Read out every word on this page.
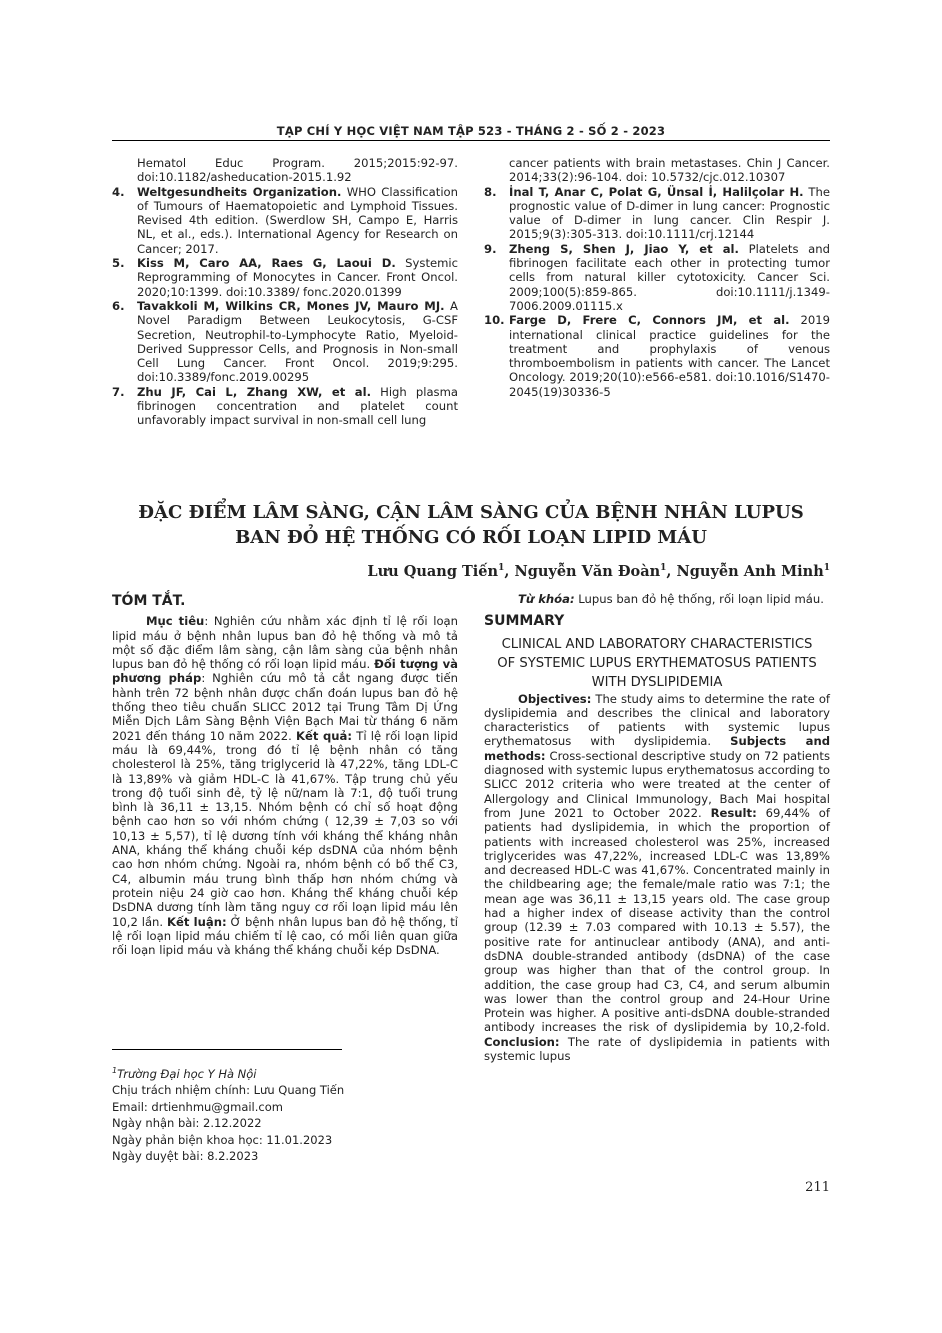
TẠP CHÍ Y HỌC VIỆT NAM TẬP 523 - THÁNG 2 - SỐ 2 - 2023
Hematol Educ Program. 2015;2015:92-97. doi:10.1182/asheducation-2015.1.92
4.	Weltgesundheits Organization. WHO Classification of Tumours of Haematopoietic and Lymphoid Tissues. Revised 4th edition. (Swerdlow SH, Campo E, Harris NL, et al., eds.). International Agency for Research on Cancer; 2017.
5.	Kiss M, Caro AA, Raes G, Laoui D. Systemic Reprogramming of Monocytes in Cancer. Front Oncol. 2020;10:1399. doi:10.3389/ fonc.2020.01399
6.	Tavakkoli M, Wilkins CR, Mones JV, Mauro MJ. A Novel Paradigm Between Leukocytosis, G-CSF Secretion, Neutrophil-to-Lymphocyte Ratio, Myeloid-Derived Suppressor Cells, and Prognosis in Non-small Cell Lung Cancer. Front Oncol. 2019;9:295. doi:10.3389/fonc.2019.00295
7.	Zhu JF, Cai L, Zhang XW, et al. High plasma fibrinogen concentration and platelet count unfavorably impact survival in non-small cell lung
cancer patients with brain metastases. Chin J Cancer. 2014;33(2):96-104. doi: 10.5732/cjc.012.10307
8.	İnal T, Anar C, Polat G, Ünsal İ, Halilçolar H. The prognostic value of D-dimer in lung cancer: Prognostic value of D-dimer in lung cancer. Clin Respir J. 2015;9(3):305-313. doi:10.1111/crj.12144
9.	Zheng S, Shen J, Jiao Y, et al. Platelets and fibrinogen facilitate each other in protecting tumor cells from natural killer cytotoxicity. Cancer Sci. 2009;100(5):859-865. doi:10.1111/j.1349-7006.2009.01115.x
10. Farge D, Frere C, Connors JM, et al. 2019 international clinical practice guidelines for the treatment and prophylaxis of venous thromboembolism in patients with cancer. The Lancet Oncology. 2019;20(10):e566-e581. doi:10.1016/S1470-2045(19)30336-5
ĐẶC ĐIỂM LÂM SÀNG, CẬN LÂM SÀNG CỦA BỆNH NHÂN LUPUS
BAN ĐỎ HỆ THỐNG CÓ RỐI LOẠN LIPID MÁU
Lưu Quang Tiến$^1$, Nguyễn Văn Đoàn$^1$, Nguyễn Anh Minh$^1$
TÓM TẮT.

Mục tiêu: Nghiên cứu nhằm xác định tỉ lệ rối loạn lipid máu ở bệnh nhân lupus ban đỏ hệ thống và mô tả một số đặc điểm lâm sàng, cận lâm sàng của bệnh nhân lupus ban đỏ hệ thống có rối loạn lipid máu. Đối tượng và phương pháp: Nghiên cứu mô tả cắt ngang được tiến hành trên 72 bệnh nhân được chẩn đoán lupus ban đỏ hệ thống theo tiêu chuẩn SLICC 2012 tại Trung Tâm Dị Ứng Miễn Dịch Lâm Sàng Bệnh Viện Bạch Mai từ tháng 6 năm 2021 đến tháng 10 năm 2022. Kết quả: Tỉ lệ rối loạn lipid máu là 69,44%, trong đó tỉ lệ bệnh nhân có tăng cholesterol là 25%, tăng triglycerid là 47,22%, tăng LDL-C là 13,89% và giảm HDL-C là 41,67%. Tập trung chủ yếu trong độ tuổi sinh đẻ, tỷ lệ nữ/nam là 7:1, độ tuổi trung bình là 36,11 ± 13,15. Nhóm bệnh có chỉ số hoạt động bệnh cao hơn so với nhóm chứng ( 12,39 ± 7,03 so với 10,13 ± 5,57), tỉ lệ dương tính với kháng thể kháng nhân ANA, kháng thể kháng chuỗi kép dsDNA của nhóm bệnh cao hơn nhóm chứng. Ngoài ra, nhóm bệnh có bổ thể C3, C4, albumin máu trung bình thấp hơn nhóm chứng và protein niệu 24 giờ cao hơn. Kháng thể kháng chuỗi kép DsDNA dương tính làm tăng nguy cơ rối loạn lipid máu lên 10,2 lần. Kết luận: Ở bệnh nhân lupus ban đỏ hệ thống, tỉ lệ rối loạn lipid máu chiếm tỉ lệ cao, có mối liên quan giữa rối loạn lipid máu và kháng thể kháng chuỗi kép DsDNA.

Từ khóa: Lupus ban đỏ hệ thống, rối loạn lipid máu.

SUMMARY
CLINICAL AND LABORATORY CHARACTERISTICS OF SYSTEMIC LUPUS ERYTHEMATOSUS PATIENTS WITH DYSLIPIDEMIA

Objectives: The study aims to determine the rate of dyslipidemia and describes the clinical and laboratory characteristics of patients with systemic lupus erythematosus with dyslipidemia. Subjects and methods: Cross-sectional descriptive study on 72 patients diagnosed with systemic lupus erythematosus according to SLICC 2012 criteria who were treated at the center of Allergology and Clinical Immunology, Bach Mai hospital from June 2021 to October 2022. Result: 69,44% of patients had dyslipidemia, in which the proportion of patients with increased cholesterol was 25%, increased triglycerides was 47,22%, increased LDL-C was 13,89% and decreased HDL-C was 41,67%. Concentrated mainly in the childbearing age; the female/male ratio was 7:1; the mean age was 36,11 ± 13,15 years old. The case group had a higher index of disease activity than the control group (12.39 ± 7.03 compared with 10.13 ± 5.57), the positive rate for antinuclear antibody (ANA), and anti-dsDNA double-stranded antibody (dsDNA) of the case group was higher than that of the control group. In addition, the case group had C3, C4, and serum albumin was lower than the control group and 24-Hour Urine Protein was higher. A positive anti-dsDNA double-stranded antibody increases the risk of dyslipidemia by 10,2-fold. Conclusion: The rate of dyslipidemia in patients with systemic lupus

$^1$Trường Đại học Y Hà Nội
Chịu trách nhiệm chính: Lưu Quang Tiến
Email: drtienhmu@gmail.com
Ngày nhận bài: 2.12.2022
Ngày phản biện khoa học: 11.01.2023
Ngày duyệt bài: 8.2.2023
211
